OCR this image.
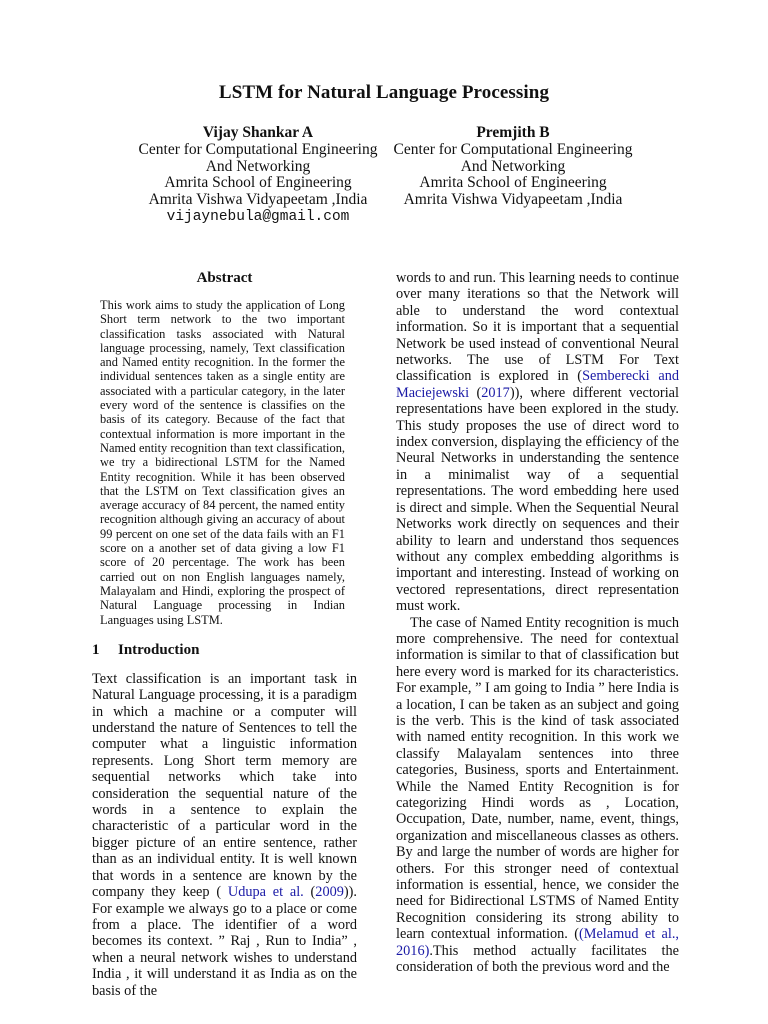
LSTM for Natural Language Processing
Vijay Shankar A
Center for Computational Engineering
And Networking
Amrita School of Engineering
Amrita Vishwa Vidyapeetam ,India
vijaynebula@gmail.com
Premjith B
Center for Computational Engineering
And Networking
Amrita School of Engineering
Amrita Vishwa Vidyapeetam ,India
Abstract
This work aims to study the application of Long Short term network to the two important classification tasks associated with Natural language processing, namely, Text classification and Named entity recognition. In the former the individual sentences taken as a single entity are associated with a particular category, in the later every word of the sentence is classifies on the basis of its category. Because of the fact that contextual information is more important in the Named entity recognition than text classification, we try a bidirectional LSTM for the Named Entity recognition. While it has been observed that the LSTM on Text classification gives an average accuracy of 84 percent, the named entity recognition although giving an accuracy of about 99 percent on one set of the data fails with an F1 score on a another set of data giving a low F1 score of 20 percentage. The work has been carried out on non English languages namely, Malayalam and Hindi, exploring the prospect of Natural Language processing in Indian Languages using LSTM.
1 Introduction

Text classification is an important task in Natural Language processing, it is a paradigm in which a machine or a computer will understand the nature of Sentences to tell the computer what a linguistic information represents. Long Short term memory are sequential networks which take into consideration the sequential nature of the words in a sentence to explain the characteristic of a particular word in the bigger picture of an entire sentence, rather than as an individual entity. It is well known that words in a sentence are known by the company they keep ( Udupa et al. (2009)). For example we always go to a place or come from a place. The identifier of a word becomes its context. ” Raj , Run to India” , when a neural network wishes to understand India , it will understand it as India as on the basis of the

words to and run. This learning needs to continue over many iterations so that the Network will able to understand the word contextual information. So it is important that a sequential Network be used instead of conventional Neural networks. The use of LSTM For Text classification is explored in (Semberecki and Maciejewski (2017)), where different vectorial representations have been explored in the study. This study proposes the use of direct word to index conversion, displaying the efficiency of the Neural Networks in understanding the sentence in a minimalist way of a sequential representations. The word embedding here used is direct and simple. When the Sequential Neural Networks work directly on sequences and their ability to learn and understand thos sequences without any complex embedding algorithms is important and interesting. Instead of working on vectored representations, direct representation must work.

The case of Named Entity recognition is much more comprehensive. The need for contextual information is similar to that of classification but here every word is marked for its characteristics. For example, ” I am going to India ” here India is a location, I can be taken as an subject and going is the verb. This is the kind of task associated with named entity recognition. In this work we classify Malayalam sentences into three categories, Business, sports and Entertainment. While the Named Entity Recognition is for categorizing Hindi words as , Location, Occupation, Date, number, name, event, things, organization and miscellaneous classes as others. By and large the number of words are higher for others. For this stronger need of contextual information is essential, hence, we consider the need for Bidirectional LSTMS of Named Entity Recognition considering its strong ability to learn contextual information. ((Melamud et al., 2016).This method actually facilitates the consideration of both the previous word and the
